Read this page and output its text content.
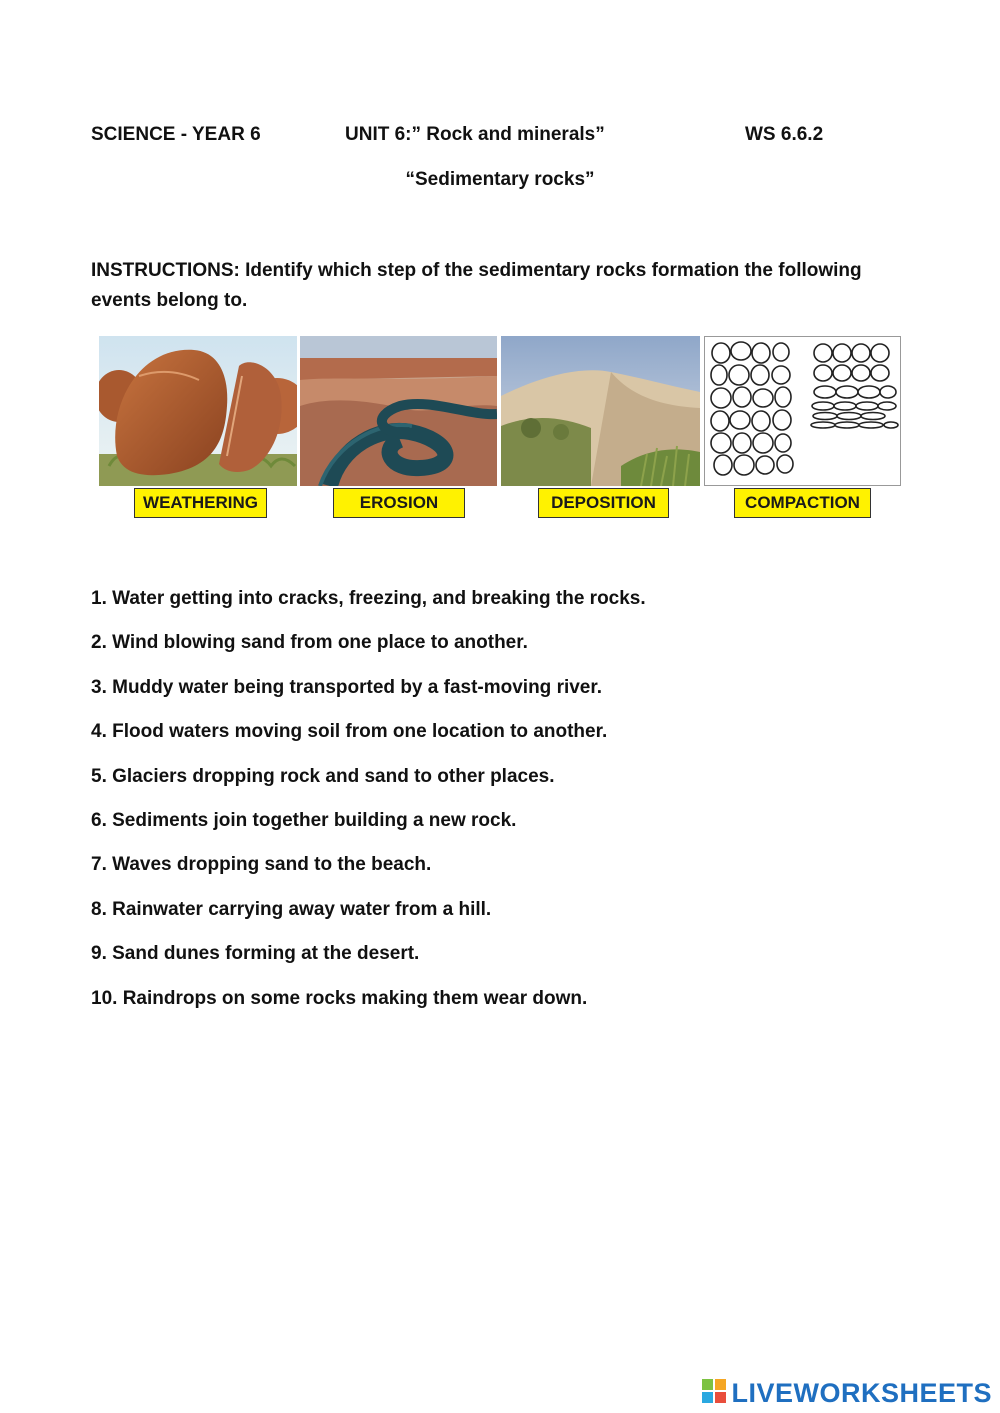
SCIENCE - YEAR 6	UNIT 6:” Rock and minerals”	WS 6.6.2
“Sedimentary rocks”
INSTRUCTIONS: Identify which step of the sedimentary rocks formation the following events belong to.
WEATHERING	EROSION	DEPOSITION	COMPACTION
1. Water getting into cracks, freezing, and breaking the rocks.
2. Wind blowing sand from one place to another.
3. Muddy water being transported by a fast-moving river.
4. Flood waters moving soil from one location to another.
5. Glaciers dropping rock and sand to other places.
6. Sediments join together building a new rock.
7. Waves dropping sand to the beach.
8. Rainwater carrying away water from a hill.
9. Sand dunes forming at the desert.
10. Raindrops on some rocks making them wear down.
LIVEWORKSHEETS
